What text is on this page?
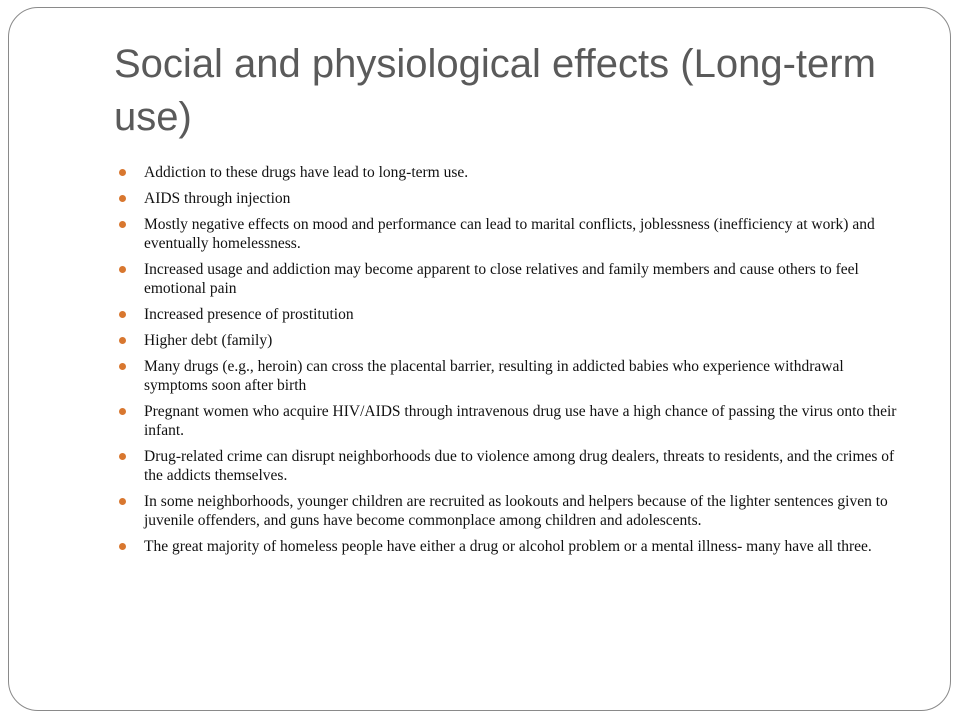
Social and physiological effects (Long-term use)
Addiction to these drugs have lead to long-term use.
AIDS through injection
Mostly negative effects on mood and performance can lead to marital conflicts, joblessness (inefficiency at work) and eventually homelessness.
Increased usage and addiction may become apparent to close relatives and family members and cause others to feel emotional pain
Increased presence of prostitution
Higher debt (family)
Many drugs (e.g., heroin) can cross the placental barrier, resulting in addicted babies who experience withdrawal symptoms soon after birth
Pregnant women who acquire HIV/AIDS through intravenous drug use have a high chance of passing the virus onto their infant.
Drug-related crime can disrupt neighborhoods due to violence among drug dealers, threats to residents, and the crimes of the addicts themselves.
In some neighborhoods, younger children are recruited as lookouts and helpers because of the lighter sentences given to juvenile offenders, and guns have become commonplace among children and adolescents.
The great majority of homeless people have either a drug or alcohol problem or a mental illness- many have all three.
